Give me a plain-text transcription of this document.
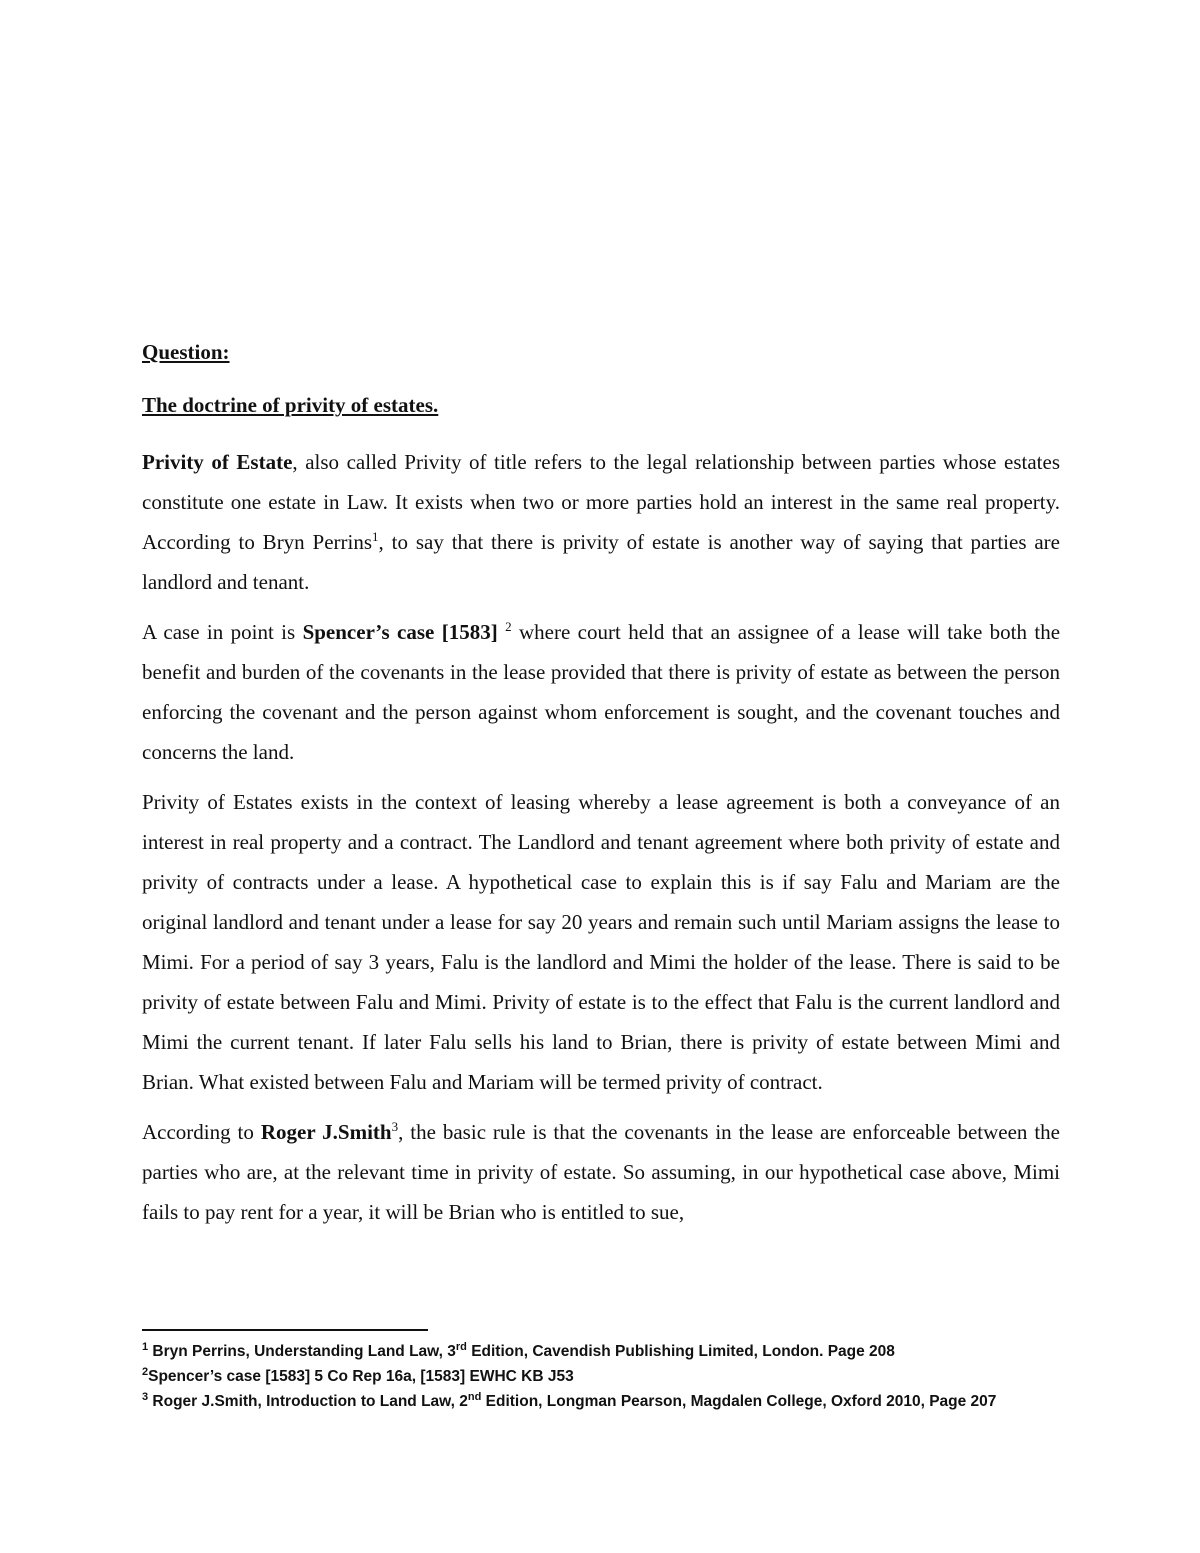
Question:

The doctrine of privity of estates.

Privity of Estate, also called Privity of title refers to the legal relationship between parties whose estates constitute one estate in Law. It exists when two or more parties hold an interest in the same real property. According to Bryn Perrins$^1$, to say that there is privity of estate is another way of saying that parties are landlord and tenant.

A case in point is Spencer’s case [1583] $^2$ where court held that an assignee of a lease will take both the benefit and burden of the covenants in the lease provided that there is privity of estate as between the person enforcing the covenant and the person against whom enforcement is sought, and the covenant touches and concerns the land.

Privity of Estates exists in the context of leasing whereby a lease agreement is both a conveyance of an interest in real property and a contract. The Landlord and tenant agreement where both privity of estate and privity of contracts under a lease. A hypothetical case to explain this is if say Falu and Mariam are the original landlord and tenant under a lease for say 20 years and remain such until Mariam assigns the lease to Mimi. For a period of say 3 years, Falu is the landlord and Mimi the holder of the lease. There is said to be privity of estate between Falu and Mimi. Privity of estate is to the effect that Falu is the current landlord and Mimi the current tenant. If later Falu sells his land to Brian, there is privity of estate between Mimi and Brian. What existed between Falu and Mariam will be termed privity of contract.

According to Roger J.Smith$^3$, the basic rule is that the covenants in the lease are enforceable between the parties who are, at the relevant time in privity of estate. So assuming, in our hypothetical case above, Mimi fails to pay rent for a year, it will be Brian who is entitled to sue,

$^1$ Bryn Perrins, Understanding Land Law, 3rd Edition, Cavendish Publishing Limited, London. Page 208
$^2$Spencer’s case [1583] 5 Co Rep 16a, [1583] EWHC KB J53
$^3$ Roger J.Smith, Introduction to Land Law, 2nd Edition, Longman Pearson, Magdalen College, Oxford 2010, Page 207
